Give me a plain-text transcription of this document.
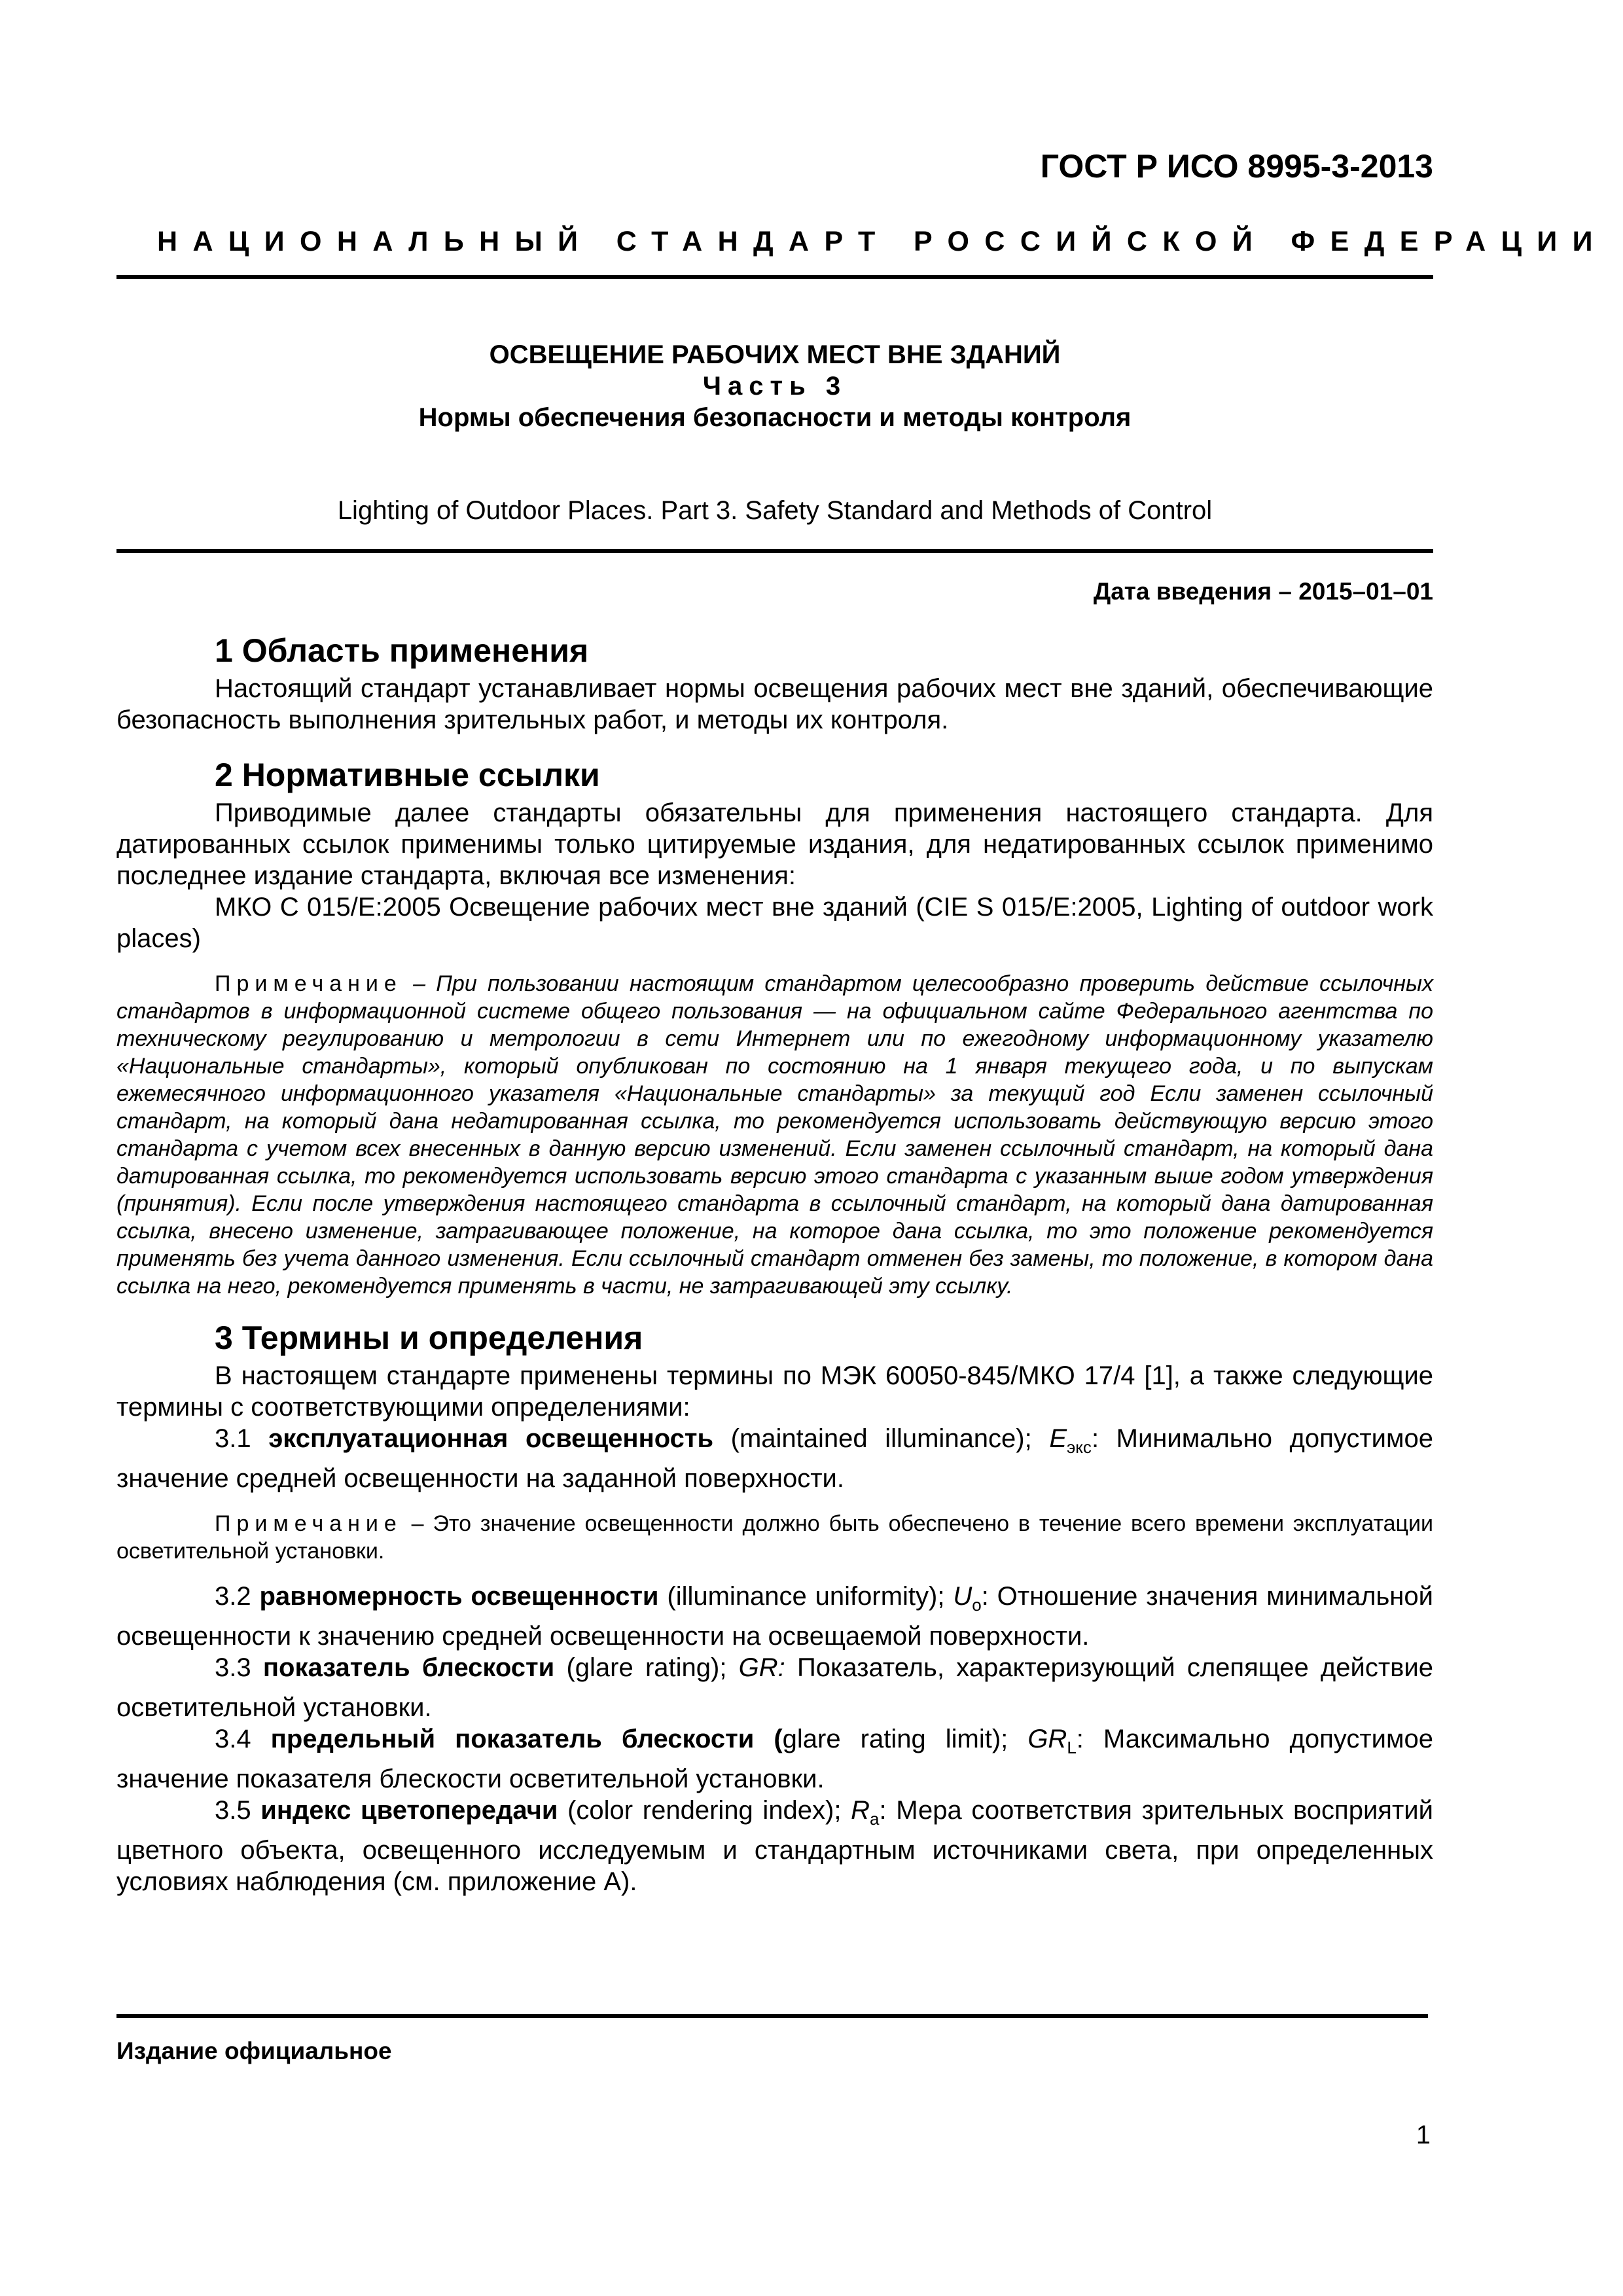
ГОСТ Р ИСО 8995-3-2013
НАЦИОНАЛЬНЫЙ СТАНДАРТ РОССИЙСКОЙ ФЕДЕРАЦИИ
ОСВЕЩЕНИЕ РАБОЧИХ МЕСТ ВНЕ ЗДАНИЙ
Часть 3
Нормы обеспечения безопасности и методы контроля
Lighting of Outdoor Places. Part 3. Safety Standard and Methods of Control
Дата введения – 2015–01–01
1 Область применения

Настоящий стандарт устанавливает нормы освещения рабочих мест вне зданий, обеспечивающие безопасность выполнения зрительных работ, и методы их контроля.

2 Нормативные ссылки

Приводимые далее стандарты обязательны для применения настоящего стандарта. Для датированных ссылок применимы только цитируемые издания, для недатированных ссылок применимо последнее издание стандарта, включая все изменения:

МКО С 015/Е:2005 Освещение рабочих мест вне зданий (CIE S 015/E:2005, Lighting of outdoor work places)

Примечание – При пользовании настоящим стандартом целесообразно проверить действие ссылочных стандартов в информационной системе общего пользования — на официальном сайте Федерального агентства по техническому регулированию и метрологии в сети Интернет или по ежегодному информационному указателю «Национальные стандарты», который опубликован по состоянию на 1 января текущего года, и по выпускам ежемесячного информационного указателя «Национальные стандарты» за текущий год Если заменен ссылочный стандарт, на который дана недатированная ссылка, то рекомендуется использовать действующую версию этого стандарта с учетом всех внесенных в данную версию изменений. Если заменен ссылочный стандарт, на который дана датированная ссылка, то рекомендуется использовать версию этого стандарта с указанным выше годом утверждения (принятия). Если после утверждения настоящего стандарта в ссылочный стандарт, на который дана датированная ссылка, внесено изменение, затрагивающее положение, на которое дана ссылка, то это положение рекомендуется применять без учета данного изменения. Если ссылочный стандарт отменен без замены, то положение, в котором дана ссылка на него, рекомендуется применять в части, не затрагивающей эту ссылку.

3 Термины и определения

В настоящем стандарте применены термины по МЭК 60050-845/МКО 17/4 [1], а также следующие термины с соответствующими определениями:

3.1 эксплуатационная освещенность (maintained illuminance); $E_{экс}$: Минимально допустимое значение средней освещенности на заданной поверхности.

Примечание – Это значение освещенности должно быть обеспечено в течение всего времени эксплуатации осветительной установки.

3.2 равномерность освещенности (illuminance uniformity); $U_o$: Отношение значения минимальной освещенности к значению средней освещенности на освещаемой поверхности.

3.3 показатель блескости (glare rating); GR: Показатель, характеризующий слепящее действие осветительной установки.

3.4 предельный показатель блескости (glare rating limit); $GR_L$: Максимально допустимое значение показателя блескости осветительной установки.

3.5 индекс цветопередачи (color rendering index); $R_a$: Мера соответствия зрительных восприятий цветного объекта, освещенного исследуемым и стандартным источниками света, при определенных условиях наблюдения (см. приложение А).

Издание официальное
1
